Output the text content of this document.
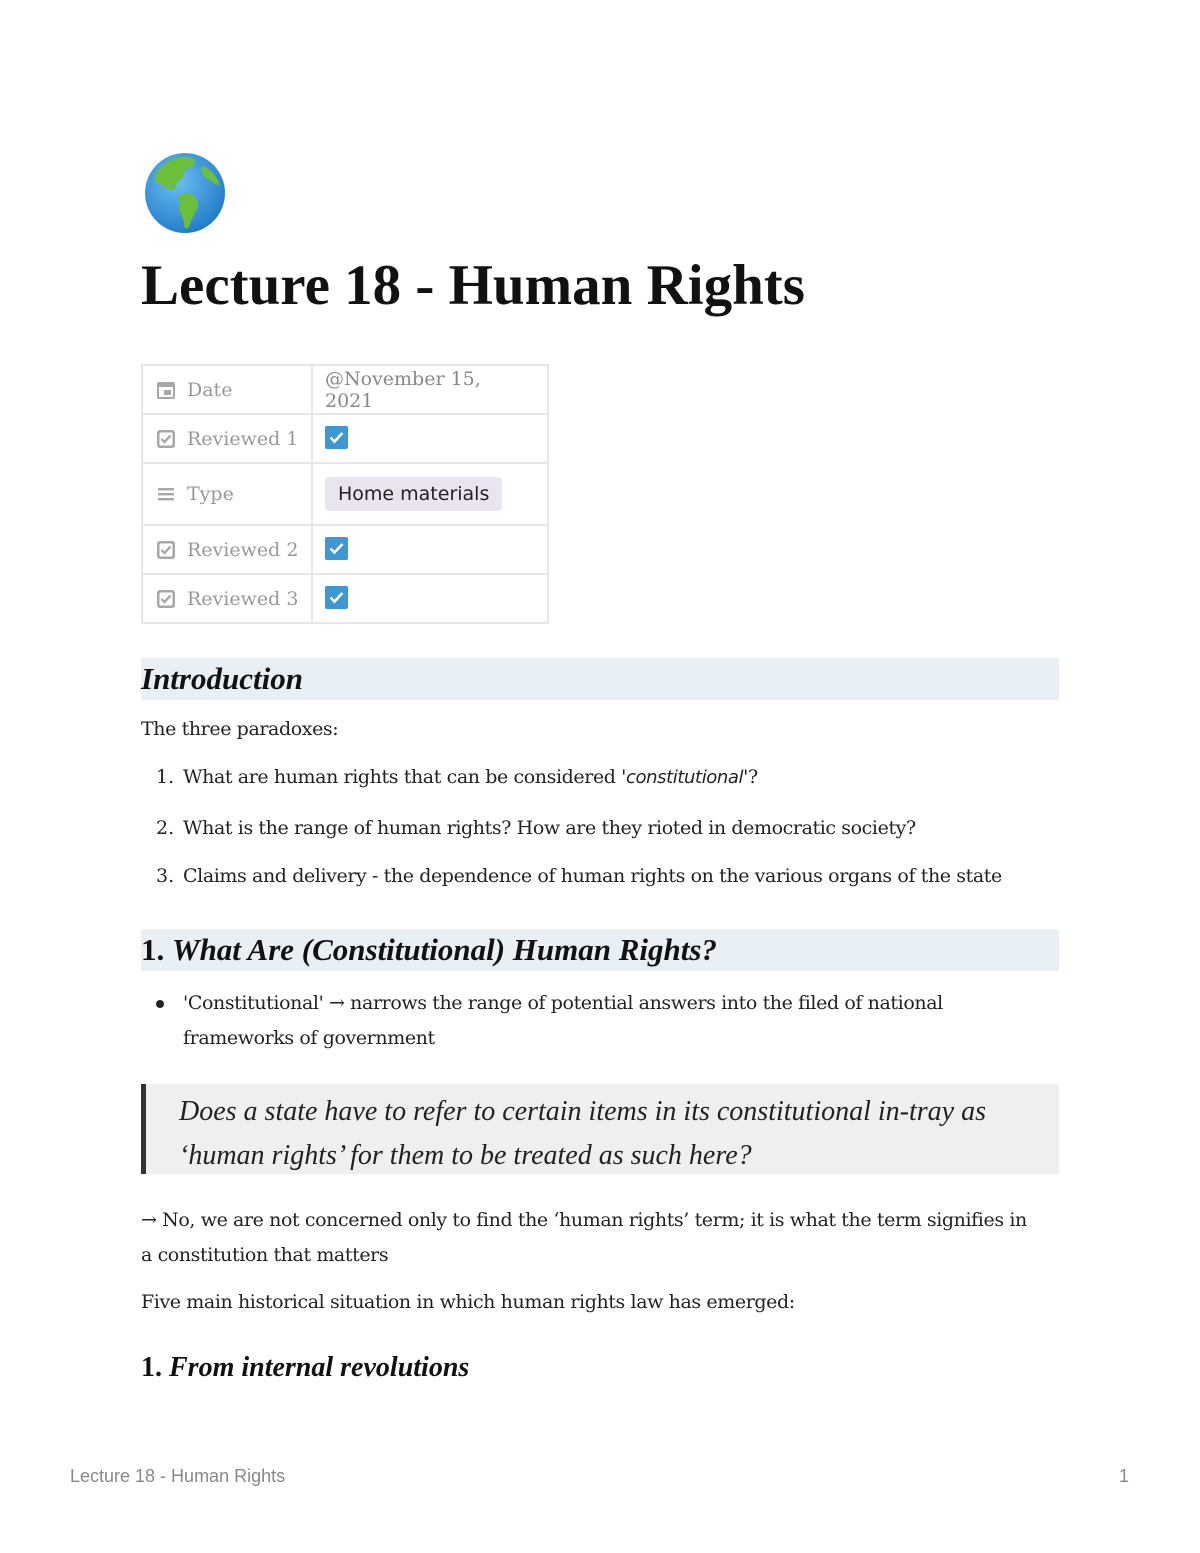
Lecture 18 - Human Rights
Date	@November 15, 2021

Reviewed 1

Type	Home materials

Reviewed 2

Reviewed 3

Introduction
The three paradoxes:
1. What are human rights that can be considered 'constitutional'?
2. What is the range of human rights? How are they rioted in democratic society?
3. Claims and delivery - the dependence of human rights on the various organs of the state
1. What Are (Constitutional) Human Rights?
'Constitutional' → narrows the range of potential answers into the filed of national
frameworks of government
Does a state have to refer to certain items in its constitutional in-tray as
‘human rights’ for them to be treated as such here?
→ No, we are not concerned only to find the ‘human rights’ term; it is what the term signifies in
a constitution that matters
Five main historical situation in which human rights law has emerged:
1. From internal revolutions
Lecture 18 - Human Rights	1
